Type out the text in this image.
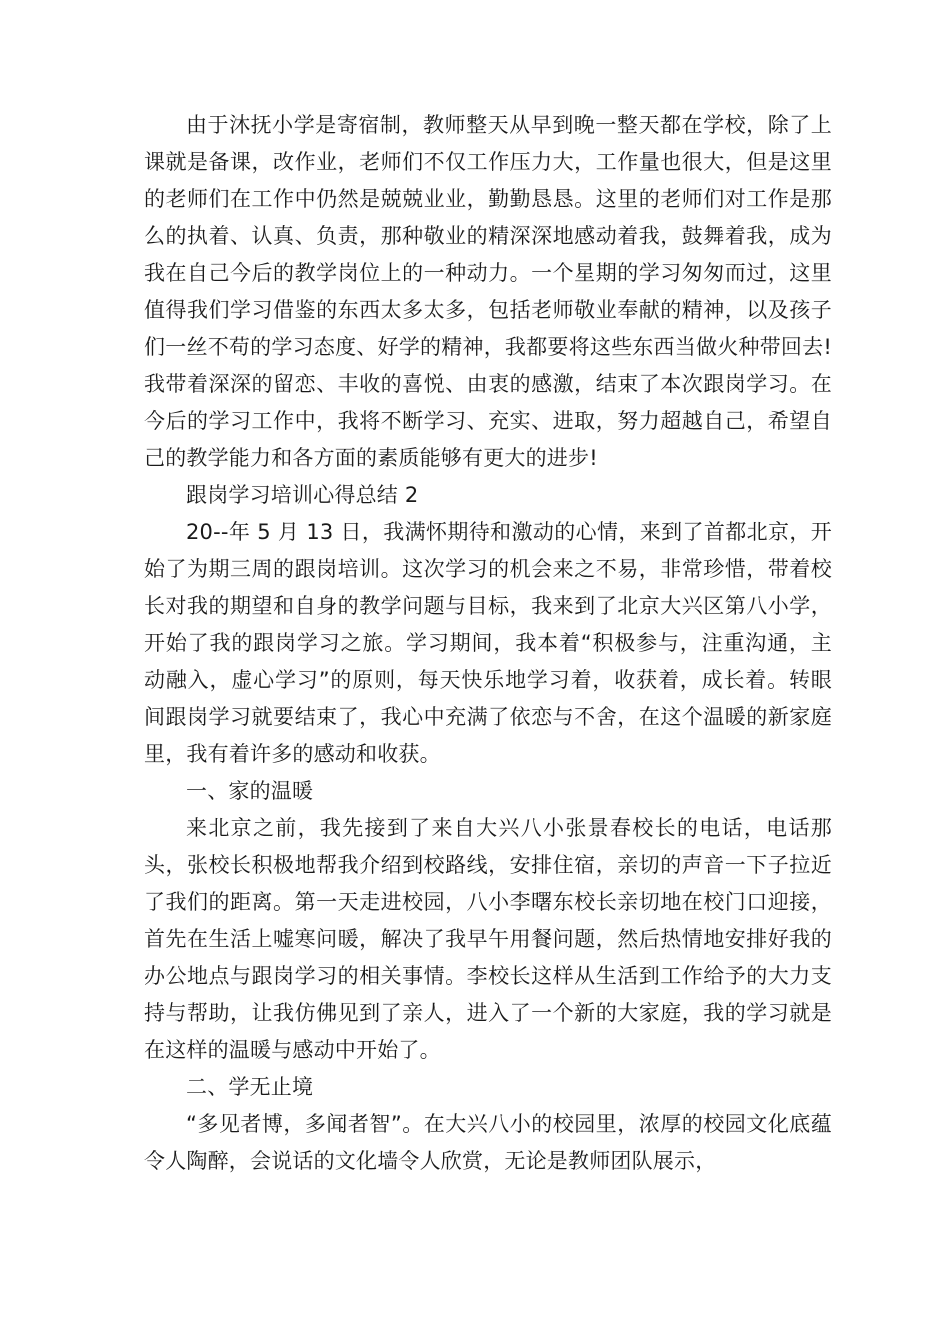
由于沐抚小学是寄宿制，教师整天从早到晚一整天都在学校，除了上课就是备课，改作业，老师们不仅工作压力大，工作量也很大，但是这里的老师们在工作中仍然是兢兢业业，勤勤恳恳。这里的老师们对工作是那么的执着、认真、负责，那种敬业的精深深地感动着我，鼓舞着我，成为我在自己今后的教学岗位上的一种动力。一个星期的学习匆匆而过，这里值得我们学习借鉴的东西太多太多，包括老师敬业奉献的精神，以及孩子们一丝不苟的学习态度、好学的精神，我都要将这些东西当做火种带回去!我带着深深的留恋、丰收的喜悦、由衷的感激，结束了本次跟岗学习。在今后的学习工作中，我将不断学习、充实、进取，努力超越自己，希望自己的教学能力和各方面的素质能够有更大的进步!

跟岗学习培训心得总结 2

20--年 5 月 13 日，我满怀期待和激动的心情，来到了首都北京，开始了为期三周的跟岗培训。这次学习的机会来之不易，非常珍惜，带着校长对我的期望和自身的教学问题与目标，我来到了北京大兴区第八小学，开始了我的跟岗学习之旅。学习期间，我本着“积极参与，注重沟通，主动融入，虚心学习”的原则，每天快乐地学习着，收获着，成长着。转眼间跟岗学习就要结束了，我心中充满了依恋与不舍，在这个温暖的新家庭里，我有着许多的感动和收获。

一、家的温暖

来北京之前，我先接到了来自大兴八小张景春校长的电话，电话那头，张校长积极地帮我介绍到校路线，安排住宿，亲切的声音一下子拉近了我们的距离。第一天走进校园，八小李曙东校长亲切地在校门口迎接，首先在生活上嘘寒问暖，解决了我早午用餐问题，然后热情地安排好我的办公地点与跟岗学习的相关事情。李校长这样从生活到工作给予的大力支持与帮助，让我仿佛见到了亲人，进入了一个新的大家庭，我的学习就是在这样的温暖与感动中开始了。

二、学无止境

“多见者博，多闻者智”。在大兴八小的校园里，浓厚的校园文化底蕴令人陶醉，会说话的文化墙令人欣赏，无论是教师团队展示，
